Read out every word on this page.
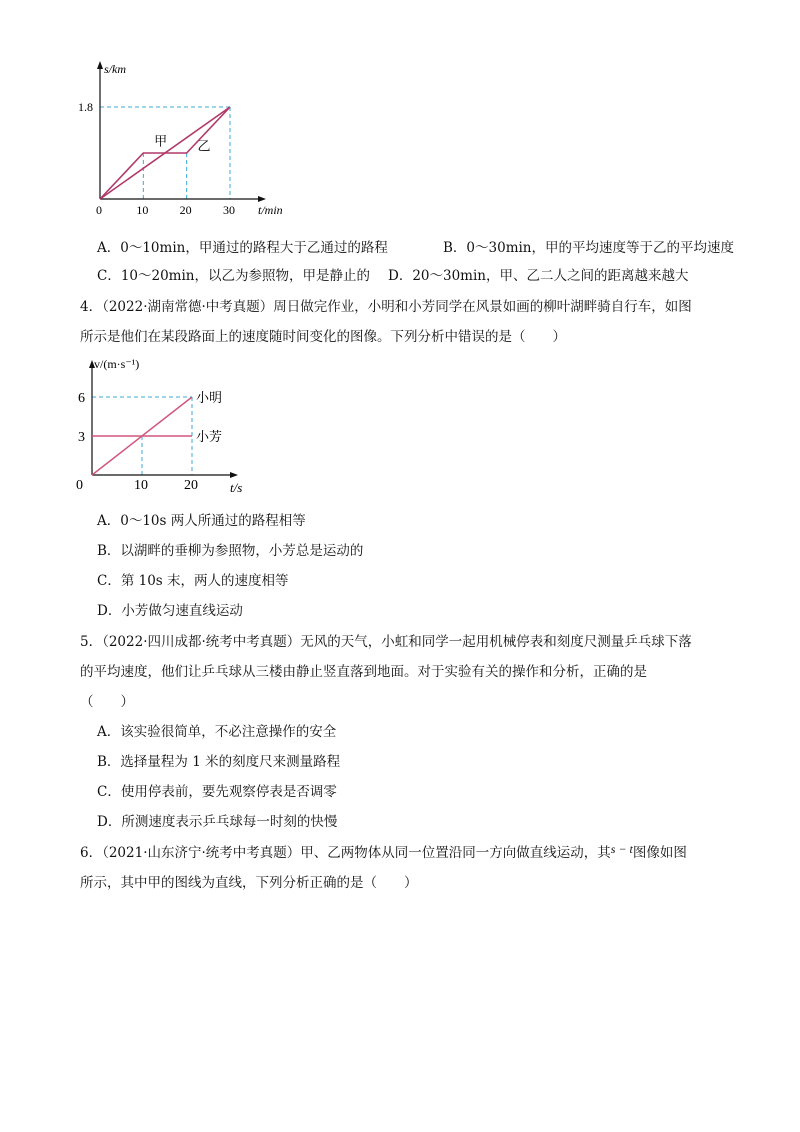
s/km
t/min
1.8
0	10	20	30
甲 乙
A．0～10min，甲通过的路程大于乙通过的路程	B．0～30min，甲的平均速度等于乙的平均速度
C．10～20min，以乙为参照物，甲是静止的 D．20～30min，甲、乙二人之间的距离越来越大
4．（2022·湖南常德·中考真题）周日做完作业，小明和小芳同学在风景如画的柳叶湖畔骑自行车，如图
所示是他们在某段路面上的速度随时间变化的图像。下列分析中错误的是（　　）
v/(m·s⁻¹)
t/s
6
3
0	10	20
小明
小芳
A．0～10s 两人所通过的路程相等
B．以湖畔的垂柳为参照物，小芳总是运动的
C．第 10s 末，两人的速度相等
D．小芳做匀速直线运动
5．（2022·四川成都·统考中考真题）无风的天气，小虹和同学一起用机械停表和刻度尺测量乒乓球下落
的平均速度，他们让乒乓球从三楼由静止竖直落到地面。对于实验有关的操作和分析，正确的是
（　　）
A．该实验很简单，不必注意操作的安全
B．选择量程为 1 米的刻度尺来测量路程
C．使用停表前，要先观察停表是否调零
D．所测速度表示乒乓球每一时刻的快慢
6．（2021·山东济宁·统考中考真题）甲、乙两物体从同一位置沿同一方向做直线运动，其s − t图像如图
所示，其中甲的图线为直线，下列分析正确的是（　　）
